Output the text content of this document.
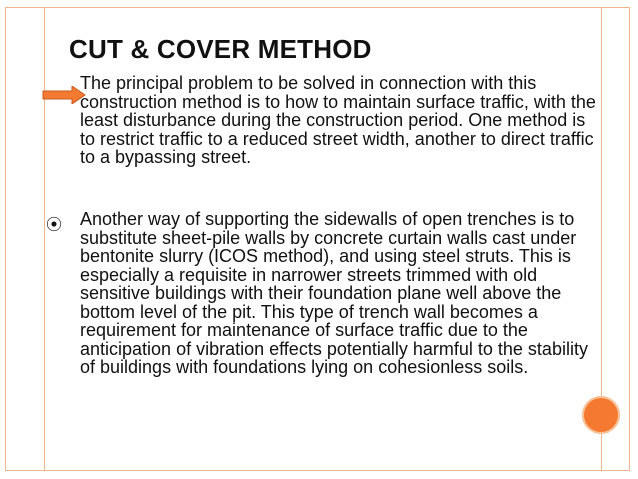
CUT & COVER METHOD

The principal problem to be solved in connection with this construction method is to how to maintain surface traffic, with the least disturbance during the construction period. One method is to restrict traffic to a reduced street width, another to direct traffic to a bypassing street.

⦿ Another way of supporting the sidewalls of open trenches is to substitute sheet-pile walls by concrete curtain walls cast under bentonite slurry (ICOS method), and using steel struts. This is especially a requisite in narrower streets trimmed with old sensitive buildings with their foundation plane well above the bottom level of the pit. This type of trench wall becomes a requirement for maintenance of surface traffic due to the anticipation of vibration effects potentially harmful to the stability of buildings with foundations lying on cohesionless soils.
